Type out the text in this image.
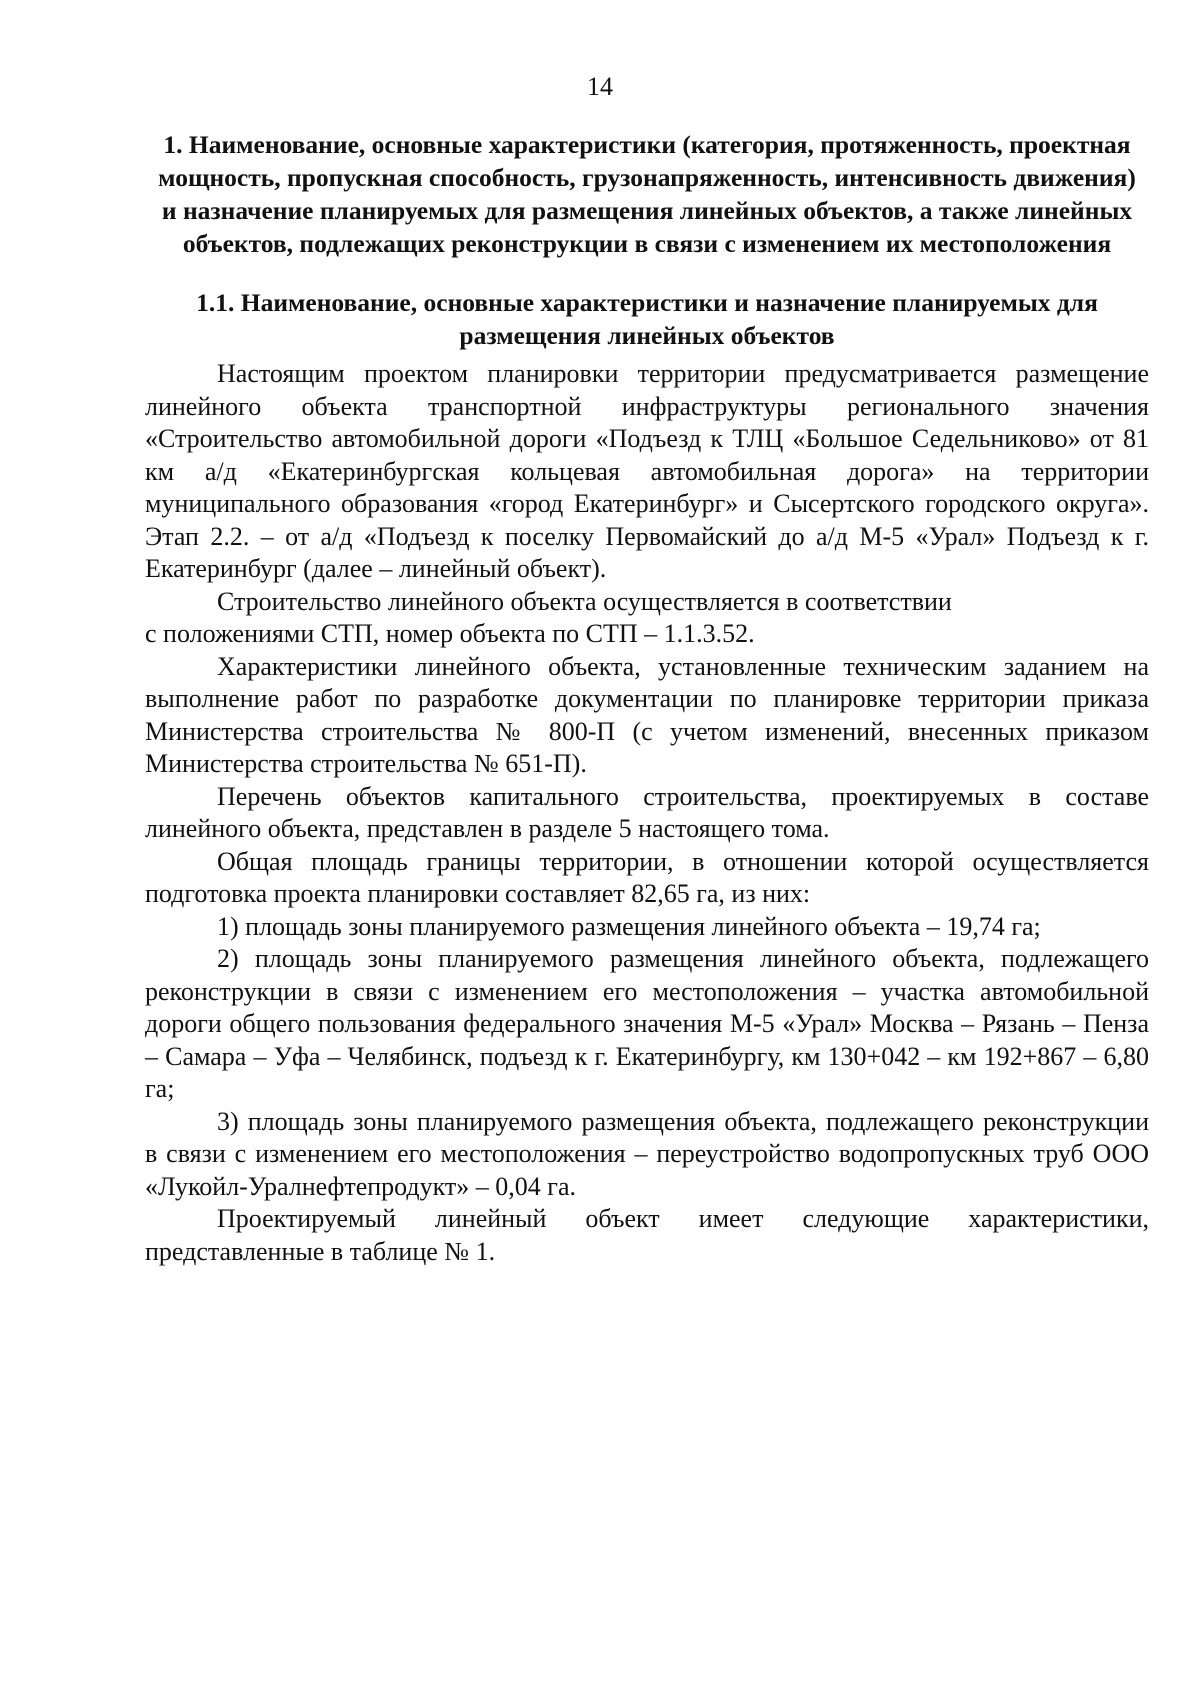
14
1. Наименование, основные характеристики (категория, протяженность, проектная мощность, пропускная способность, грузонапряженность, интенсивность движения) и назначение планируемых для размещения линейных объектов, а также линейных объектов, подлежащих реконструкции в связи с изменением их местоположения
1.1. Наименование, основные характеристики и назначение планируемых для размещения линейных объектов

Настоящим проектом планировки территории предусматривается размещение линейного объекта транспортной инфраструктуры регионального значения «Строительство автомобильной дороги «Подъезд к ТЛЦ «Большое Седельниково» от 81 км а/д «Екатеринбургская кольцевая автомобильная дорога» на территории муниципального образования «город Екатеринбург» и Сысертского городского округа». Этап 2.2. – от а/д «Подъезд к поселку Первомайский до а/д М-5 «Урал» Подъезд к г. Екатеринбург (далее – линейный объект).

Строительство линейного объекта осуществляется в соответствии

с положениями СТП, номер объекта по СТП – 1.1.3.52.

Характеристики линейного объекта, установленные техническим заданием на выполнение работ по разработке документации по планировке территории приказа Министерства строительства № 800-П (с учетом изменений, внесенных приказом Министерства строительства № 651-П).

Перечень объектов капитального строительства, проектируемых в составе линейного объекта, представлен в разделе 5 настоящего тома.

Общая площадь границы территории, в отношении которой осуществляется подготовка проекта планировки составляет 82,65 га, из них:

1) площадь зоны планируемого размещения линейного объекта – 19,74 га;

2) площадь зоны планируемого размещения линейного объекта, подлежащего реконструкции в связи с изменением его местоположения – участка автомобильной дороги общего пользования федерального значения М-5 «Урал» Москва – Рязань – Пенза – Самара – Уфа – Челябинск, подъезд к г. Екатеринбургу, км 130+042 – км 192+867 – 6,80 га;

3) площадь зоны планируемого размещения объекта, подлежащего реконструкции в связи с изменением его местоположения – переустройство водопропускных труб ООО «Лукойл-Уралнефтепродукт» – 0,04 га.

Проектируемый линейный объект имеет следующие характеристики, представленные в таблице № 1.
